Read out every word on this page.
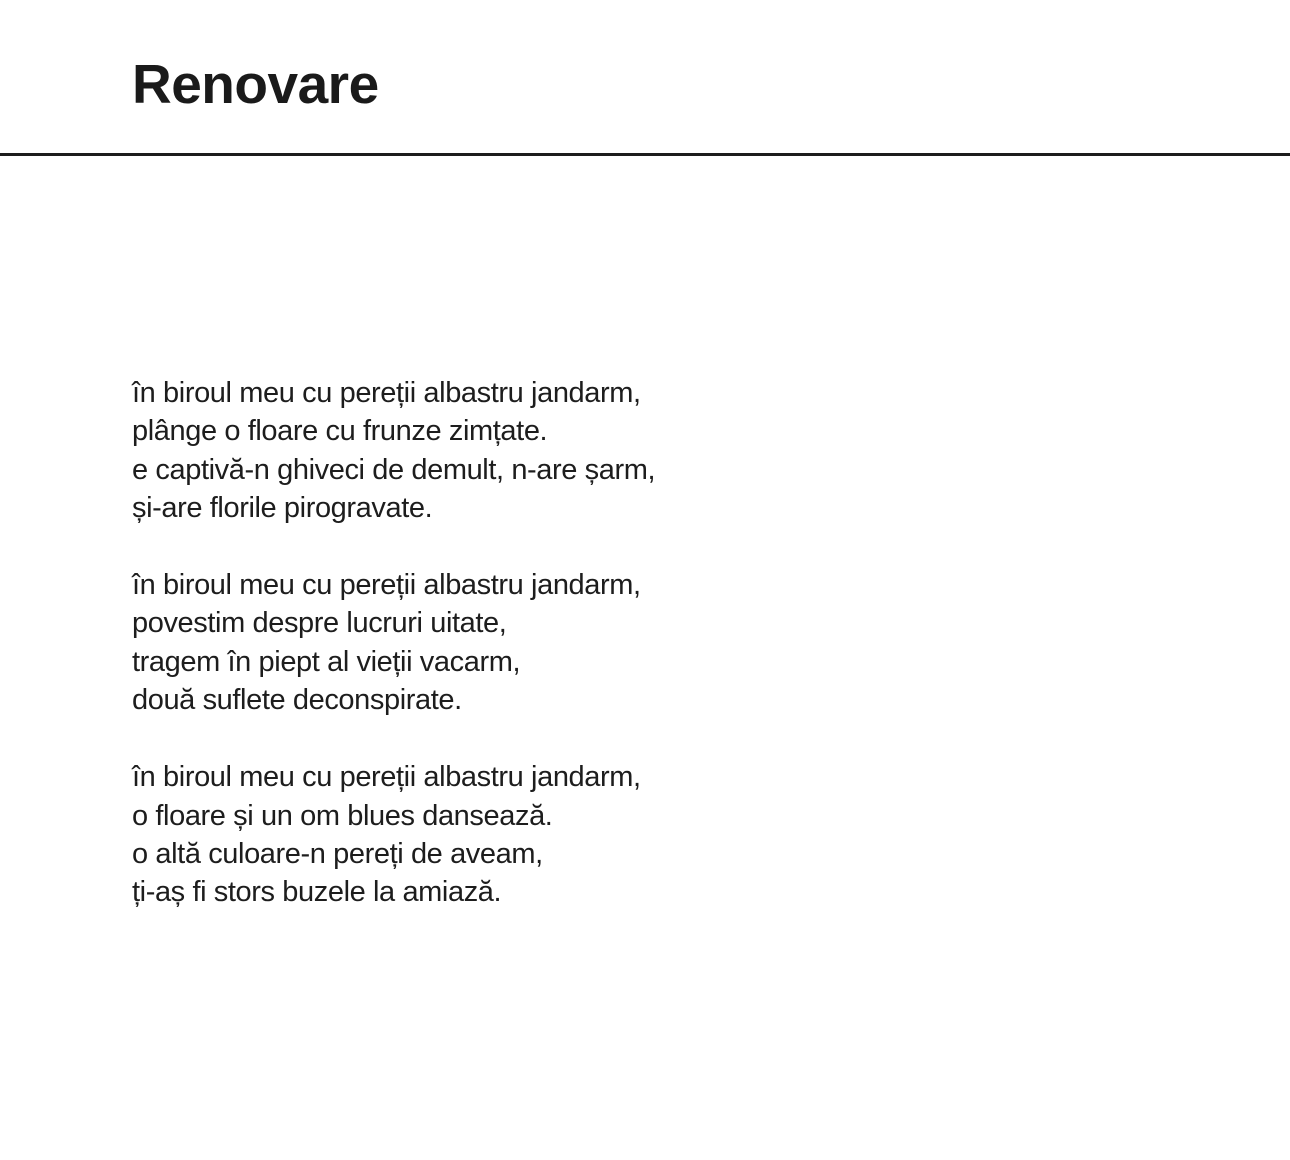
Renovare
în biroul meu cu pereții albastru jandarm,
plânge o floare cu frunze zimțate.
e captivă-n ghiveci de demult, n-are șarm,
și-are florile pirogravate.
în biroul meu cu pereții albastru jandarm,
povestim despre lucruri uitate,
tragem în piept al vieții vacarm,
două suflete deconspirate.
în biroul meu cu pereții albastru jandarm,
o floare și un om blues dansează.
o altă culoare-n pereți de aveam,
ți-aș fi stors buzele la amiază.
